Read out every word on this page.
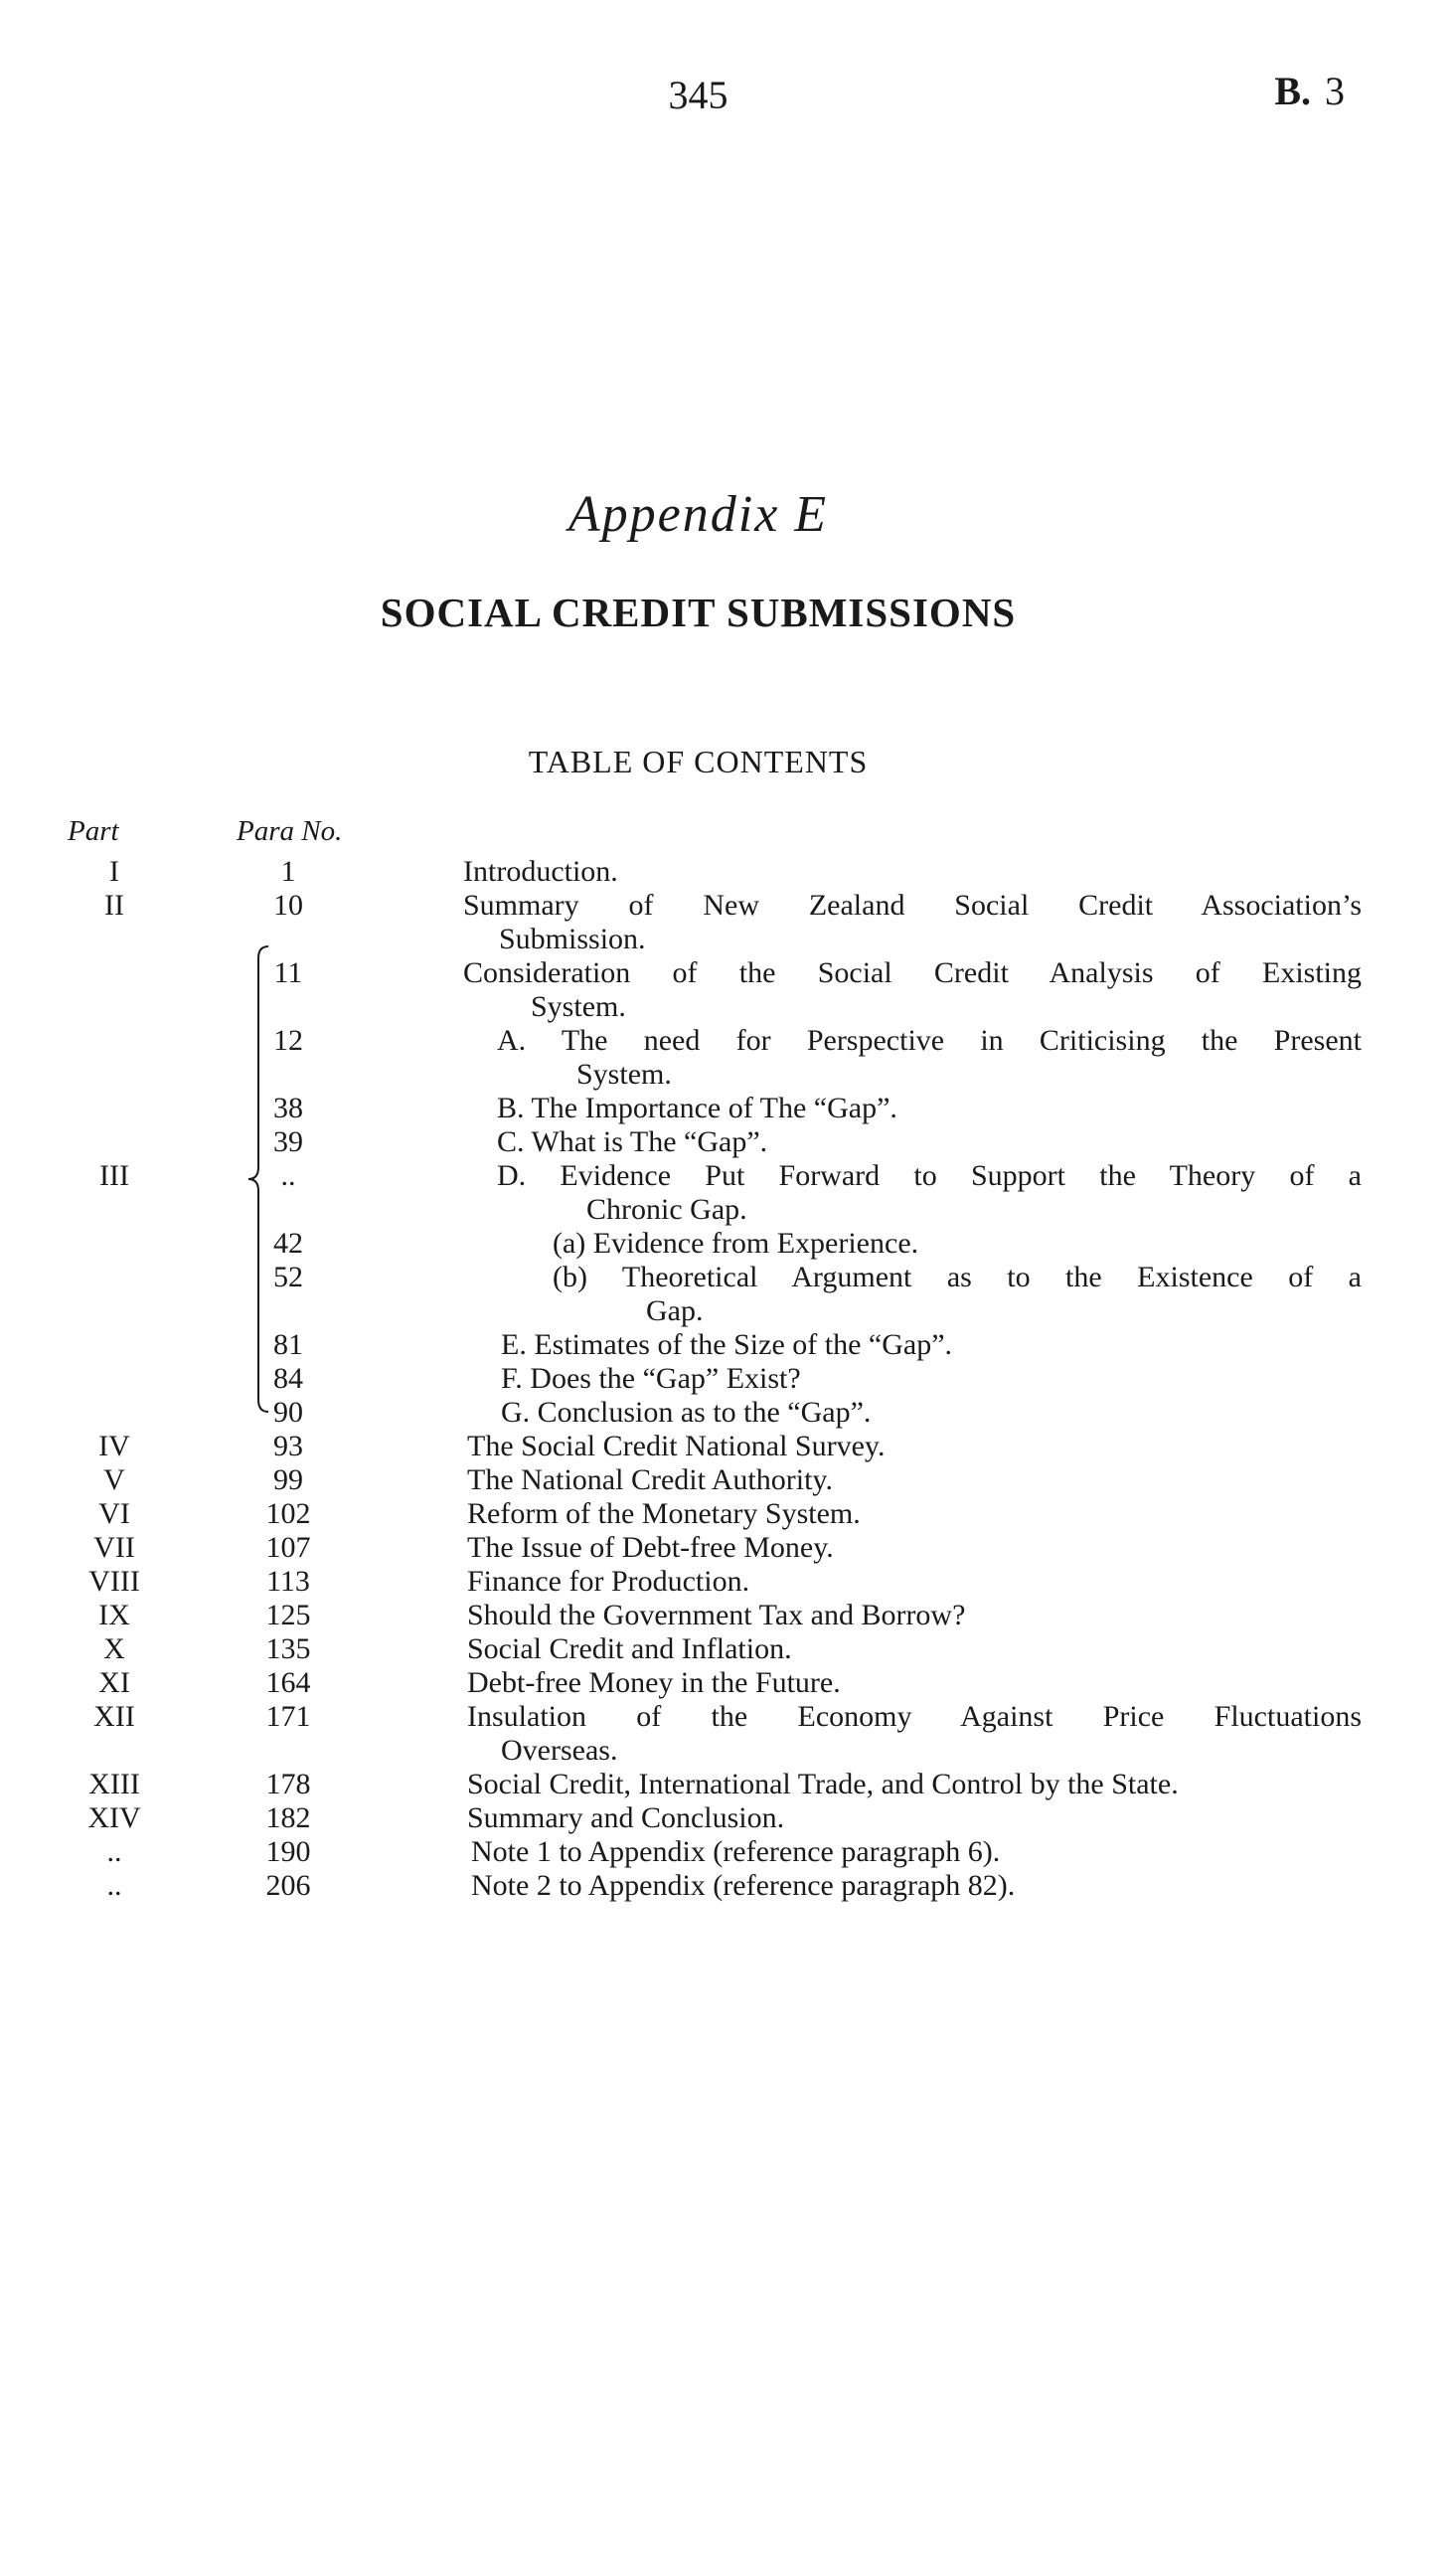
345	B. 3
Appendix E
SOCIAL CREDIT SUBMISSIONS
TABLE OF CONTENTS
Part	Para No.
I	1	Introduction.
II	10	Summary of New Zealand Social Credit Association’s
Submission.
11	Consideration of the Social Credit Analysis of Existing
System.
12	A. The need for Perspective in Criticising the Present
System.
38	B. The Importance of The “Gap”.
39	C. What is The “Gap”.
III	..	D. Evidence Put Forward to Support the Theory of a
Chronic Gap.
42	(a) Evidence from Experience.
52	(b) Theoretical Argument as to the Existence of a
Gap.
81	E. Estimates of the Size of the “Gap”.
84	F. Does the “Gap” Exist?
90	G. Conclusion as to the “Gap”.
IV	93	The Social Credit National Survey.
V	99	The National Credit Authority.
VI	102	Reform of the Monetary System.
VII	107	The Issue of Debt-free Money.
VIII	113	Finance for Production.
IX	125	Should the Government Tax and Borrow?
X	135	Social Credit and Inflation.
XI	164	Debt-free Money in the Future.
XII	171	Insulation of the Economy Against Price Fluctuations
Overseas.
XIII	178	Social Credit, International Trade, and Control by the State.
XIV	182	Summary and Conclusion.
..	190	Note 1 to Appendix (reference paragraph 6).
..	206	Note 2 to Appendix (reference paragraph 82).
